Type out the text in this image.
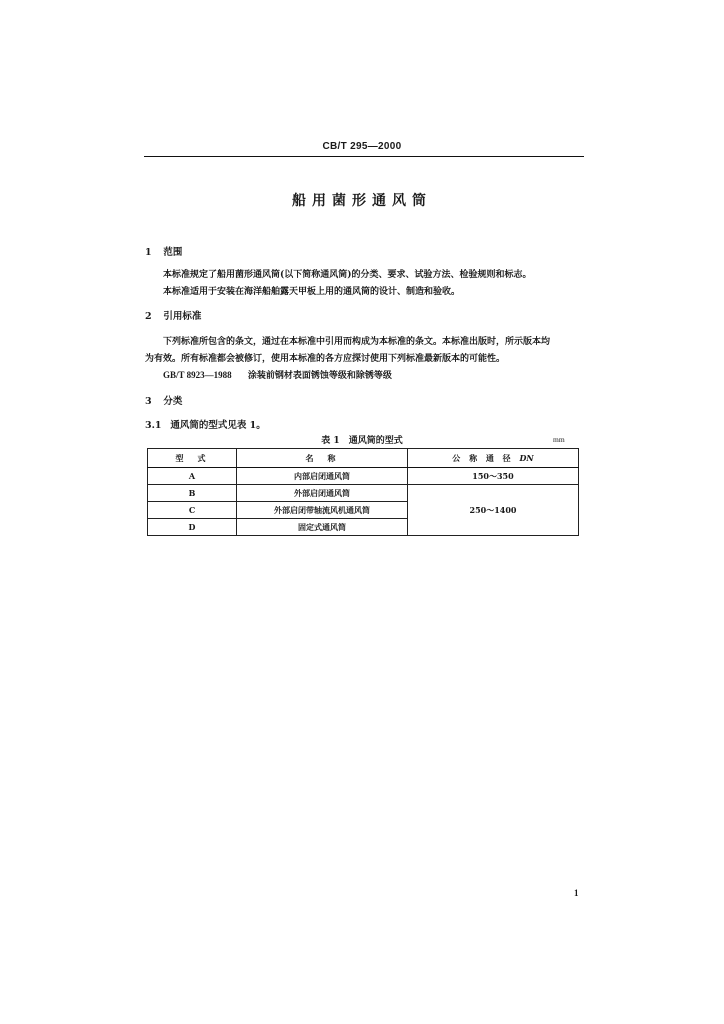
CB/T 295—2000
船用菌形通风筒
1 范围
本标准规定了船用菌形通风筒(以下简称通风筒)的分类、要求、试验方法、检验规则和标志。
本标准适用于安装在海洋船舶露天甲板上用的通风筒的设计、制造和验收。
2 引用标准
下列标准所包含的条文，通过在本标准中引用而构成为本标准的条文。本标准出版时，所示版本均
为有效。所有标准都会被修订，使用本标准的各方应探讨使用下列标准最新版本的可能性。
GB/T 8923—1988 涂装前钢材表面锈蚀等级和除锈等级
3 分类
3.1 通风筒的型式见表 1。
表 1　通风筒的型式	mm
型　式	名　称	公 称 通 径 DN
A	内部启闭通风筒	150～350
B	外部启闭通风筒	250～1400
C	外部启闭带轴流风机通风筒	
D	固定式通风筒	
1
